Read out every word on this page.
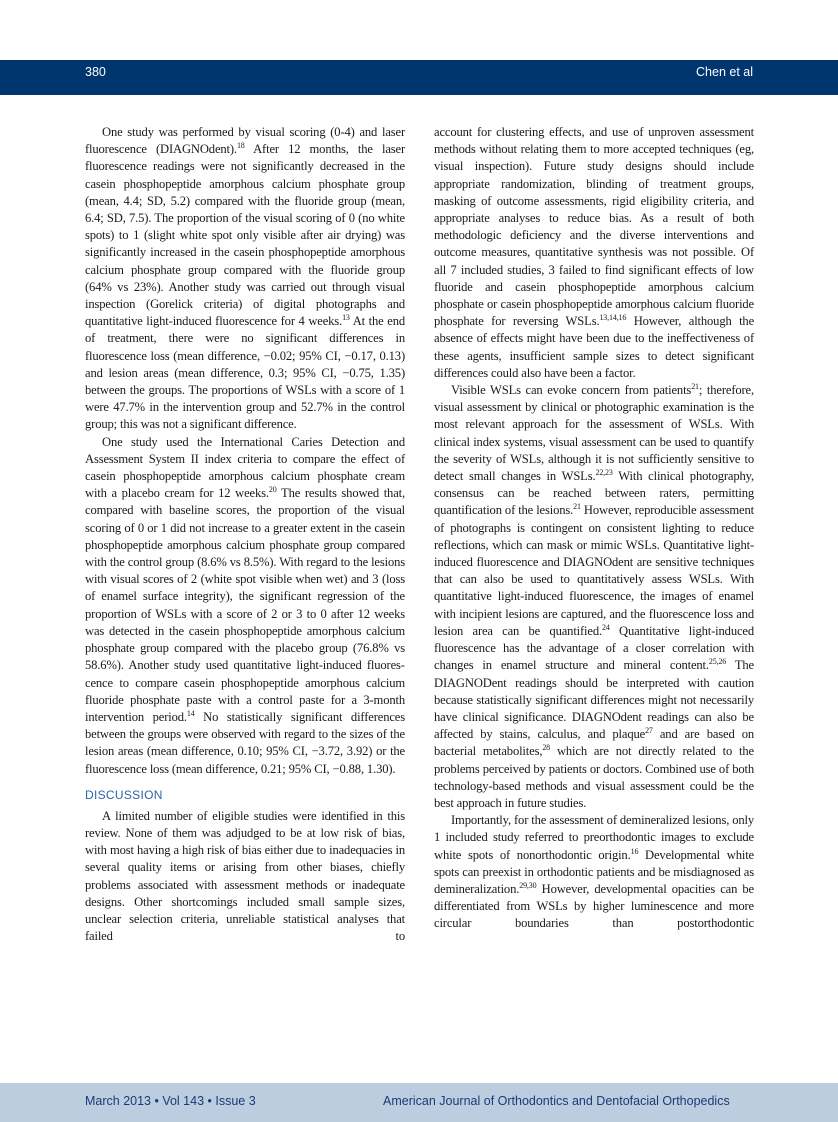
380	Chen et al

One study was performed by visual scoring (0-4) and laser fluorescence (DIAGNOdent).$^{18}$ After 12 months, the laser fluorescence readings were not significantly decreased in the casein phosphopeptide amorphous calcium phosphate group (mean, 4.4; SD, 5.2) compared with the fluoride group (mean, 6.4; SD, 7.5). The proportion of the visual scoring of 0 (no white spots) to 1 (slight white spot only visible after air drying) was significantly increased in the casein phosphopeptide amorphous calcium phosphate group compared with the fluoride group (64% vs 23%). Another study was carried out through visual inspection (Gorelick criteria) of digital photographs and quantitative light-induced fluorescence for 4 weeks.$^{13}$ At the end of treatment, there were no significant differences in fluorescence loss (mean difference, −0.02; 95% CI, −0.17, 0.13) and lesion areas (mean difference, 0.3; 95% CI, −0.75, 1.35) between the groups. The proportions of WSLs with a score of 1 were 47.7% in the intervention group and 52.7% in the control group; this was not a significant difference.

One study used the International Caries Detection and Assessment System II index criteria to compare the effect of casein phosphopeptide amorphous calcium phosphate cream with a placebo cream for 12 weeks.$^{20}$ The results showed that, compared with baseline scores, the proportion of the visual scoring of 0 or 1 did not increase to a greater extent in the casein phosphopeptide amorphous calcium phosphate group compared with the control group (8.6% vs 8.5%). With regard to the lesions with visual scores of 2 (white spot visible when wet) and 3 (loss of enamel surface integrity), the significant regression of the proportion of WSLs with a score of 2 or 3 to 0 after 12 weeks was detected in the casein phosphopeptide amorphous calcium phosphate group compared with the placebo group (76.8% vs 58.6%). Another study used quantitative light-induced fluorescence to compare casein phosphopeptide amorphous calcium fluoride phosphate paste with a control paste for a 3-month intervention period.$^{14}$ No statistically significant differences between the groups were observed with regard to the sizes of the lesion areas (mean difference, 0.10; 95% CI, −3.72, 3.92) or the fluorescence loss (mean difference, 0.21; 95% CI, −0.88, 1.30).

DISCUSSION

A limited number of eligible studies were identified in this review. None of them was adjudged to be at low risk of bias, with most having a high risk of bias either due to inadequacies in several quality items or arising from other biases, chiefly problems associated with assessment methods or inadequate designs. Other shortcomings included small sample sizes, unclear selection criteria, unreliable statistical analyses that failed to

account for clustering effects, and use of unproven assessment methods without relating them to more accepted techniques (eg, visual inspection). Future study designs should include appropriate randomization, blinding of treatment groups, masking of outcome assessments, rigid eligibility criteria, and appropriate analyses to reduce bias. As a result of both methodologic deficiency and the diverse interventions and outcome measures, quantitative synthesis was not possible. Of all 7 included studies, 3 failed to find significant effects of low fluoride and casein phosphopeptide amorphous calcium phosphate or casein phosphopeptide amorphous calcium fluoride phosphate for reversing WSLs.$^{13,14,16}$ However, although the absence of effects might have been due to the ineffectiveness of these agents, insufficient sample sizes to detect significant differences could also have been a factor.

Visible WSLs can evoke concern from patients$^{21}$; therefore, visual assessment by clinical or photographic examination is the most relevant approach for the assessment of WSLs. With clinical index systems, visual assessment can be used to quantify the severity of WSLs, although it is not sufficiently sensitive to detect small changes in WSLs.$^{22,23}$ With clinical photography, consensus can be reached between raters, permitting quantification of the lesions.$^{21}$ However, reproducible assessment of photographs is contingent on consistent lighting to reduce reflections, which can mask or mimic WSLs. Quantitative light-induced fluorescence and DIAGNOdent are sensitive techniques that can also be used to quantitatively assess WSLs. With quantitative light-induced fluorescence, the images of enamel with incipient lesions are captured, and the fluorescence loss and lesion area can be quantified.$^{24}$ Quantitative light-induced fluorescence has the advantage of a closer correlation with changes in enamel structure and mineral content.$^{25,26}$ The DIAGNODent readings should be interpreted with caution because statistically significant differences might not necessarily have clinical significance. DIAGNOdent readings can also be affected by stains, calculus, and plaque$^{27}$ and are based on bacterial metabolites,$^{28}$ which are not directly related to the problems perceived by patients or doctors. Combined use of both technology-based methods and visual assessment could be the best approach in future studies.

Importantly, for the assessment of demineralized lesions, only 1 included study referred to preorthodontic images to exclude white spots of nonorthodontic origin.$^{16}$ Developmental white spots can preexist in orthodontic patients and be misdiagnosed as demineralization.$^{29,30}$ However, developmental opacities can be differentiated from WSLs by higher luminescence and more circular boundaries than postorthodontic

March 2013 • Vol 143 • Issue 3	American Journal of Orthodontics and Dentofacial Orthopedics
